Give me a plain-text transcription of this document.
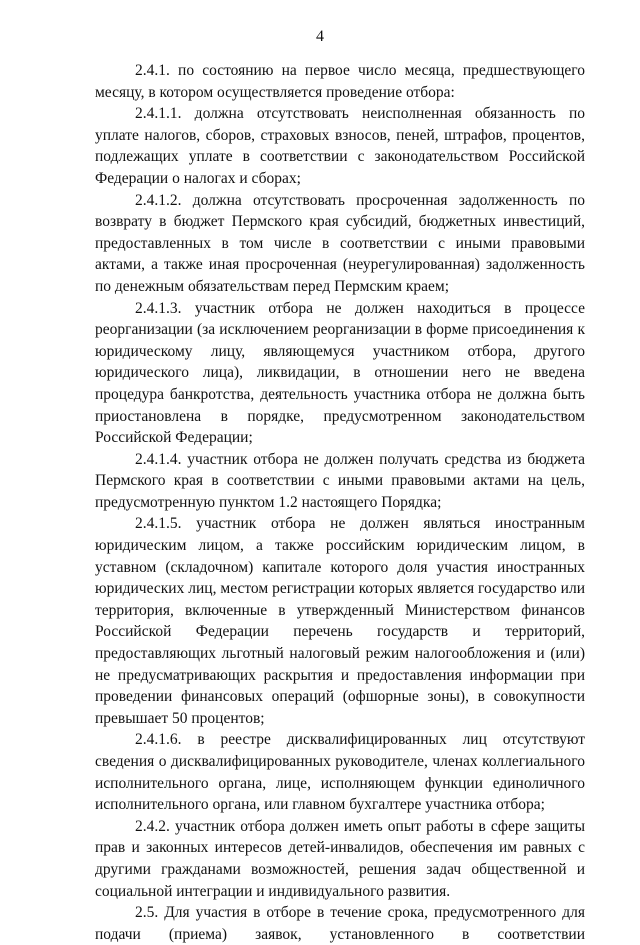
4

2.4.1. по состоянию на первое число месяца, предшествующего месяцу, в котором осуществляется проведение отбора:

2.4.1.1. должна отсутствовать неисполненная обязанность по уплате налогов, сборов, страховых взносов, пеней, штрафов, процентов, подлежащих уплате в соответствии с законодательством Российской Федерации о налогах и сборах;

2.4.1.2. должна отсутствовать просроченная задолженность по возврату в бюджет Пермского края субсидий, бюджетных инвестиций, предоставленных в том числе в соответствии с иными правовыми актами, а также иная просроченная (неурегулированная) задолженность по денежным обязательствам перед Пермским краем;

2.4.1.3. участник отбора не должен находиться в процессе реорганизации (за исключением реорганизации в форме присоединения к юридическому лицу, являющемуся участником отбора, другого юридического лица), ликвидации, в отношении него не введена процедура банкротства, деятельность участника отбора не должна быть приостановлена в порядке, предусмотренном законодательством Российской Федерации;

2.4.1.4. участник отбора не должен получать средства из бюджета Пермского края в соответствии с иными правовыми актами на цель, предусмотренную пунктом 1.2 настоящего Порядка;

2.4.1.5. участник отбора не должен являться иностранным юридическим лицом, а также российским юридическим лицом, в уставном (складочном) капитале которого доля участия иностранных юридических лиц, местом регистрации которых является государство или территория, включенные в утвержденный Министерством финансов Российской Федерации перечень государств и территорий, предоставляющих льготный налоговый режим налогообложения и (или) не предусматривающих раскрытия и предоставления информации при проведении финансовых операций (офшорные зоны), в совокупности превышает 50 процентов;

2.4.1.6. в реестре дисквалифицированных лиц отсутствуют сведения о дисквалифицированных руководителе, членах коллегиального исполнительного органа, лице, исполняющем функции единоличного исполнительного органа, или главном бухгалтере участника отбора;

2.4.2. участник отбора должен иметь опыт работы в сфере защиты прав и законных интересов детей-инвалидов, обеспечения им равных с другими гражданами возможностей, решения задач общественной и социальной интеграции и индивидуального развития.

2.5. Для участия в отборе в течение срока, предусмотренного для подачи (приема) заявок, установленного в соответствии
